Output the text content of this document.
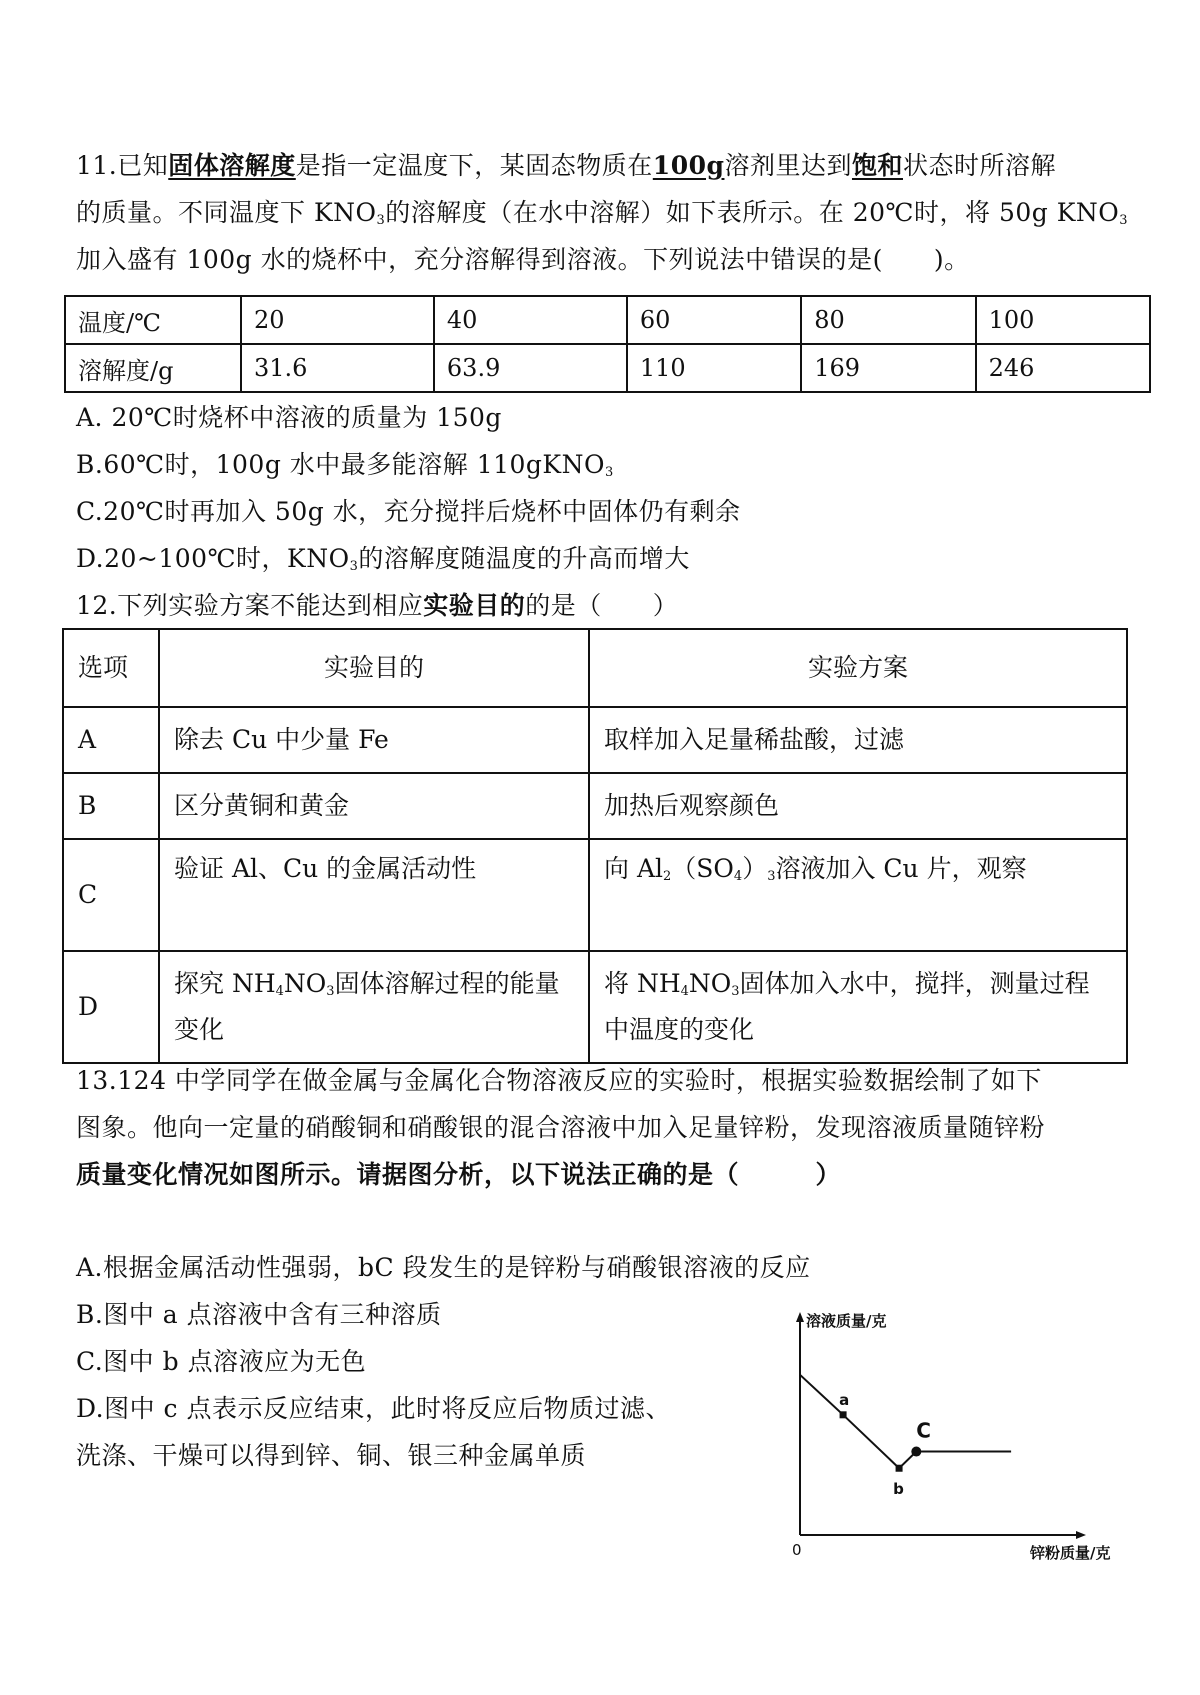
11.已知固体溶解度是指一定温度下，某固态物质在100g溶剂里达到饱和状态时所溶解
的质量。不同温度下 $KNO_3$的溶解度（在水中溶解）如下表所示。在 20℃时，将 50g $KNO_3$
加入盛有 100g 水的烧杯中，充分溶解得到溶液。下列说法中错误的是(　　)。
温度/℃	20	40	60	80	100
溶解度/g	31.6	63.9	110	169	246
A. 20℃时烧杯中溶液的质量为 150g
B.60℃时，100g 水中最多能溶解 110gKNO$_3$
C.20℃时再加入 50g 水，充分搅拌后烧杯中固体仍有剩余
D.20~100℃时，$KNO_3$的溶解度随温度的升高而增大
12.下列实验方案不能达到相应实验目的的是（　　）
选项	实验目的	实验方案
A	除去 Cu 中少量 Fe	取样加入足量稀盐酸，过滤
B	区分黄铜和黄金	加热后观察颜色
C	验证 Al、Cu 的金属活动性	向 $Al_2(SO_4)_3$溶液加入 Cu 片，观察
D	探究 $NH_4NO_3$固体溶解过程的能量变化	将 $NH_4NO_3$固体加入水中，搅拌，测量过程中温度的变化
13.124 中学同学在做金属与金属化合物溶液反应的实验时，根据实验数据绘制了如下
图象。他向一定量的硝酸铜和硝酸银的混合溶液中加入足量锌粉，发现溶液质量随锌粉
质量变化情况如图所示。请据图分析，以下说法正确的是（　　　）
A.根据金属活动性强弱，bC 段发生的是锌粉与硝酸银溶液的反应
B.图中 a 点溶液中含有三种溶质
C.图中 b 点溶液应为无色
D.图中 c 点表示反应结束，此时将反应后物质过滤、
洗涤、干燥可以得到锌、铜、银三种金属单质
溶液质量/克
锌粉质量/克
0
a
b
C
